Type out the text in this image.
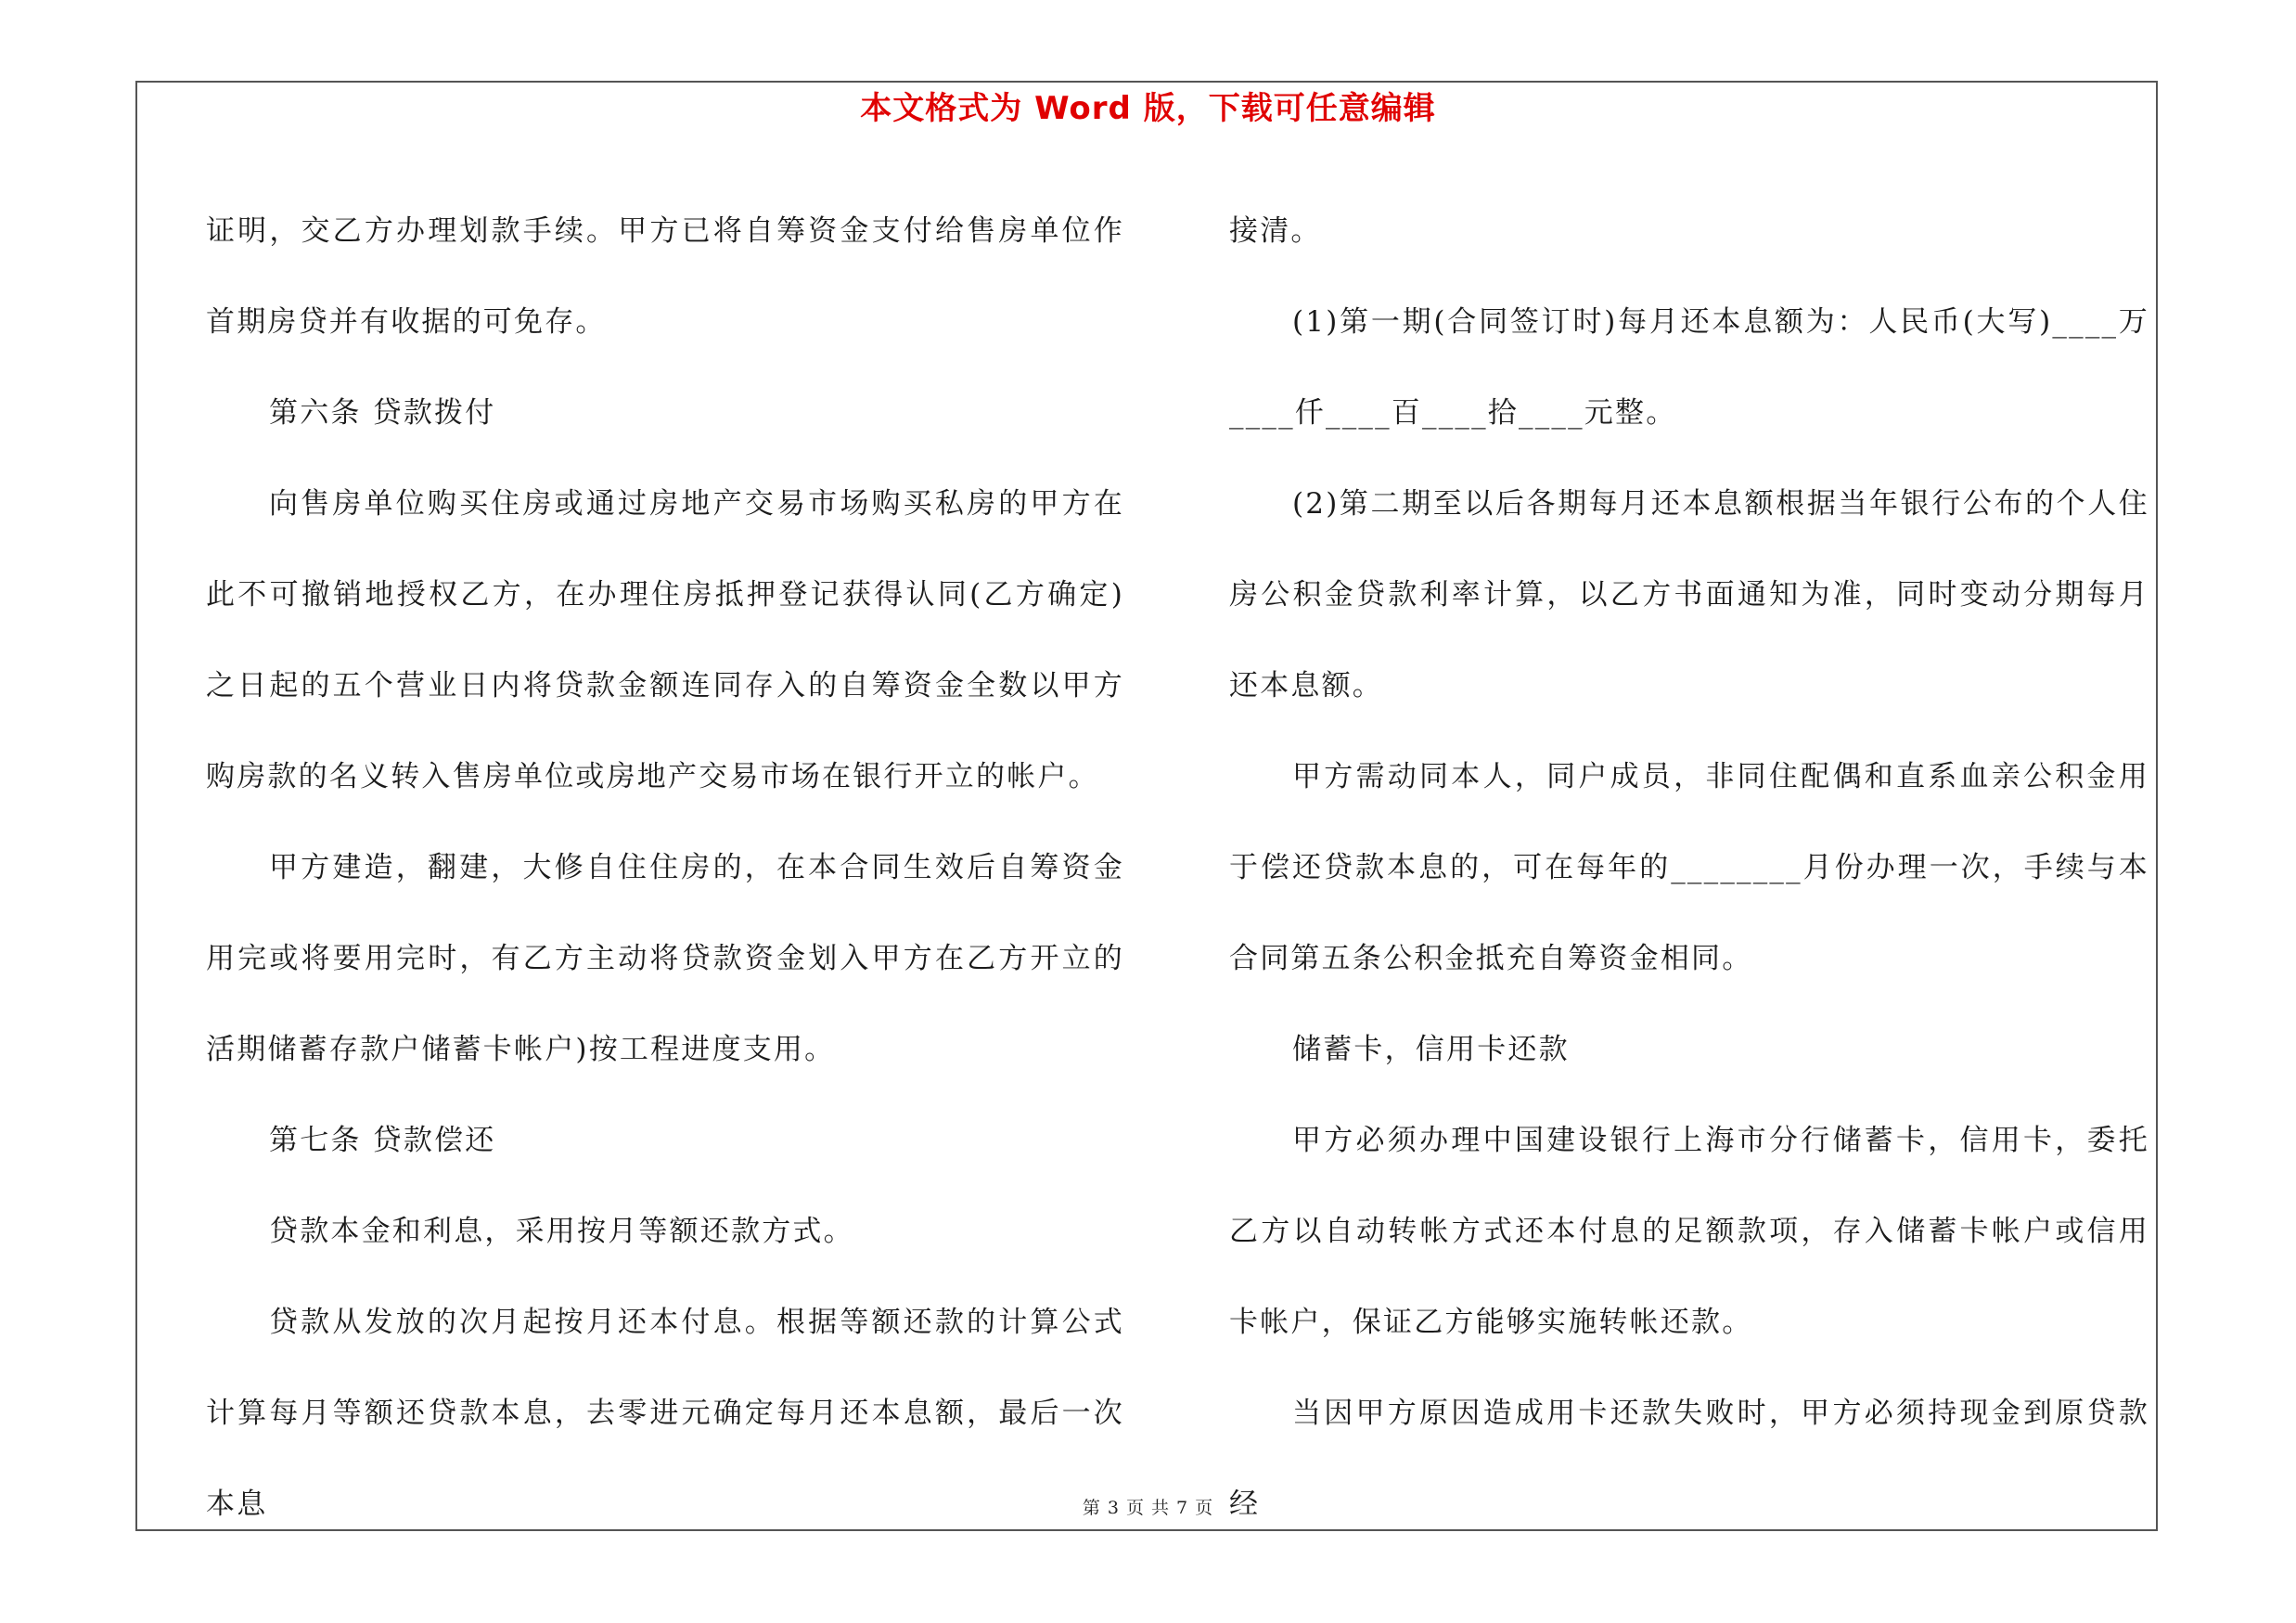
本文格式为 Word 版，下载可任意编辑

证明，交乙方办理划款手续。甲方已将自筹资金支付给售房单位作首期房贷并有收据的可免存。

第六条 贷款拨付

向售房单位购买住房或通过房地产交易市场购买私房的甲方在此不可撤销地授权乙方，在办理住房抵押登记获得认同(乙方确定)之日起的五个营业日内将贷款金额连同存入的自筹资金全数以甲方购房款的名义转入售房单位或房地产交易市场在银行开立的帐户。

甲方建造，翻建，大修自住住房的，在本合同生效后自筹资金用完或将要用完时，有乙方主动将贷款资金划入甲方在乙方开立的活期储蓄存款户储蓄卡帐户)按工程进度支用。

第七条 贷款偿还

贷款本金和利息，采用按月等额还款方式。

贷款从发放的次月起按月还本付息。根据等额还款的计算公式计算每月等额还贷款本息，去零进元确定每月还本息额，最后一次本息

接清。

(1)第一期(合同签订时)每月还本息额为：人民币(大写)____万____仟____百____拾____元整。

(2)第二期至以后各期每月还本息额根据当年银行公布的个人住房公积金贷款利率计算，以乙方书面通知为准，同时变动分期每月还本息额。

甲方需动同本人，同户成员，非同住配偶和直系血亲公积金用于偿还贷款本息的，可在每年的________月份办理一次，手续与本合同第五条公积金抵充自筹资金相同。

储蓄卡，信用卡还款

甲方必须办理中国建设银行上海市分行储蓄卡，信用卡，委托乙方以自动转帐方式还本付息的足额款项，存入储蓄卡帐户或信用卡帐户，保证乙方能够实施转帐还款。

当因甲方原因造成用卡还款失败时，甲方必须持现金到原贷款经

第 3 页 共 7 页
